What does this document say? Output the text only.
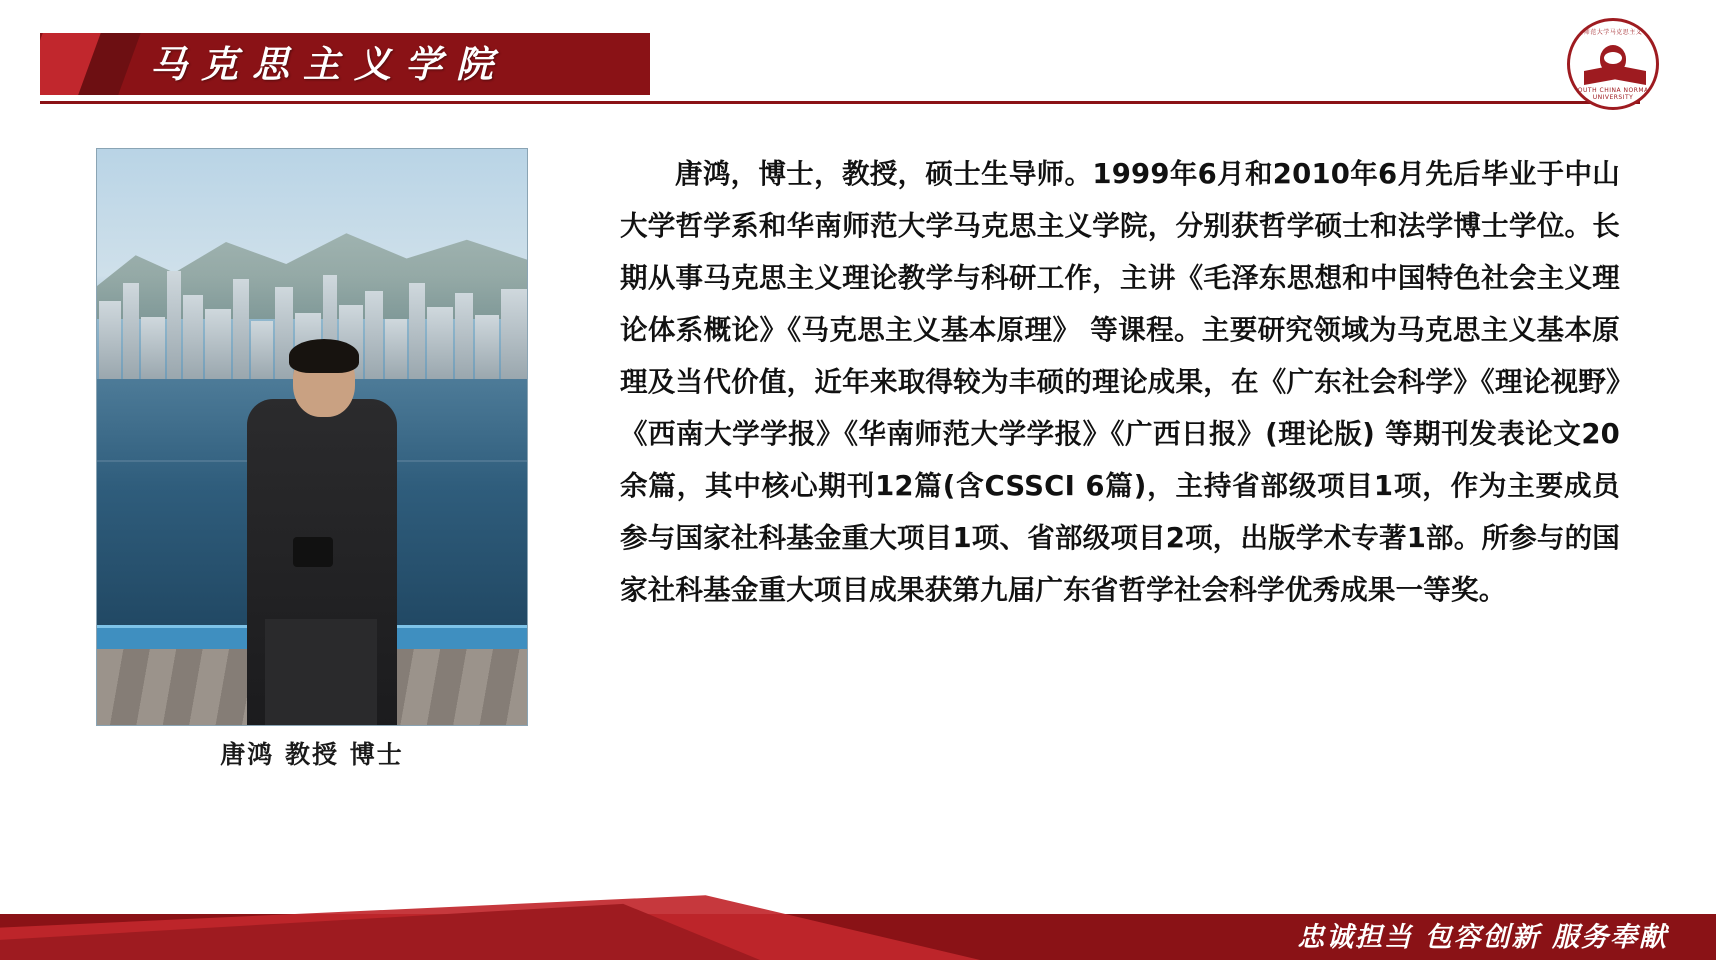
马克思主义学院
华南师范大学马克思主义学院
SOUTH CHINA NORMAL UNIVERSITY
唐鸿 教授 博士
唐鸿，博士，教授，硕士生导师。1999年6月和2010年6月先后毕业于中山大学哲学系和华南师范大学马克思主义学院，分别获哲学硕士和法学博士学位。长期从事马克思主义理论教学与科研工作，主讲《毛泽东思想和中国特色社会主义理论体系概论》《马克思主义基本原理》 等课程。主要研究领域为马克思主义基本原理及当代价值，近年来取得较为丰硕的理论成果，在《广东社会科学》《理论视野》《西南大学学报》《华南师范大学学报》《广西日报》(理论版) 等期刊发表论文20余篇，其中核心期刊12篇(含CSSCI 6篇)，主持省部级项目1项，作为主要成员参与国家社科基金重大项目1项、省部级项目2项，出版学术专著1部。所参与的国家社科基金重大项目成果获第九届广东省哲学社会科学优秀成果一等奖。
忠诚担当 包容创新 服务奉献
